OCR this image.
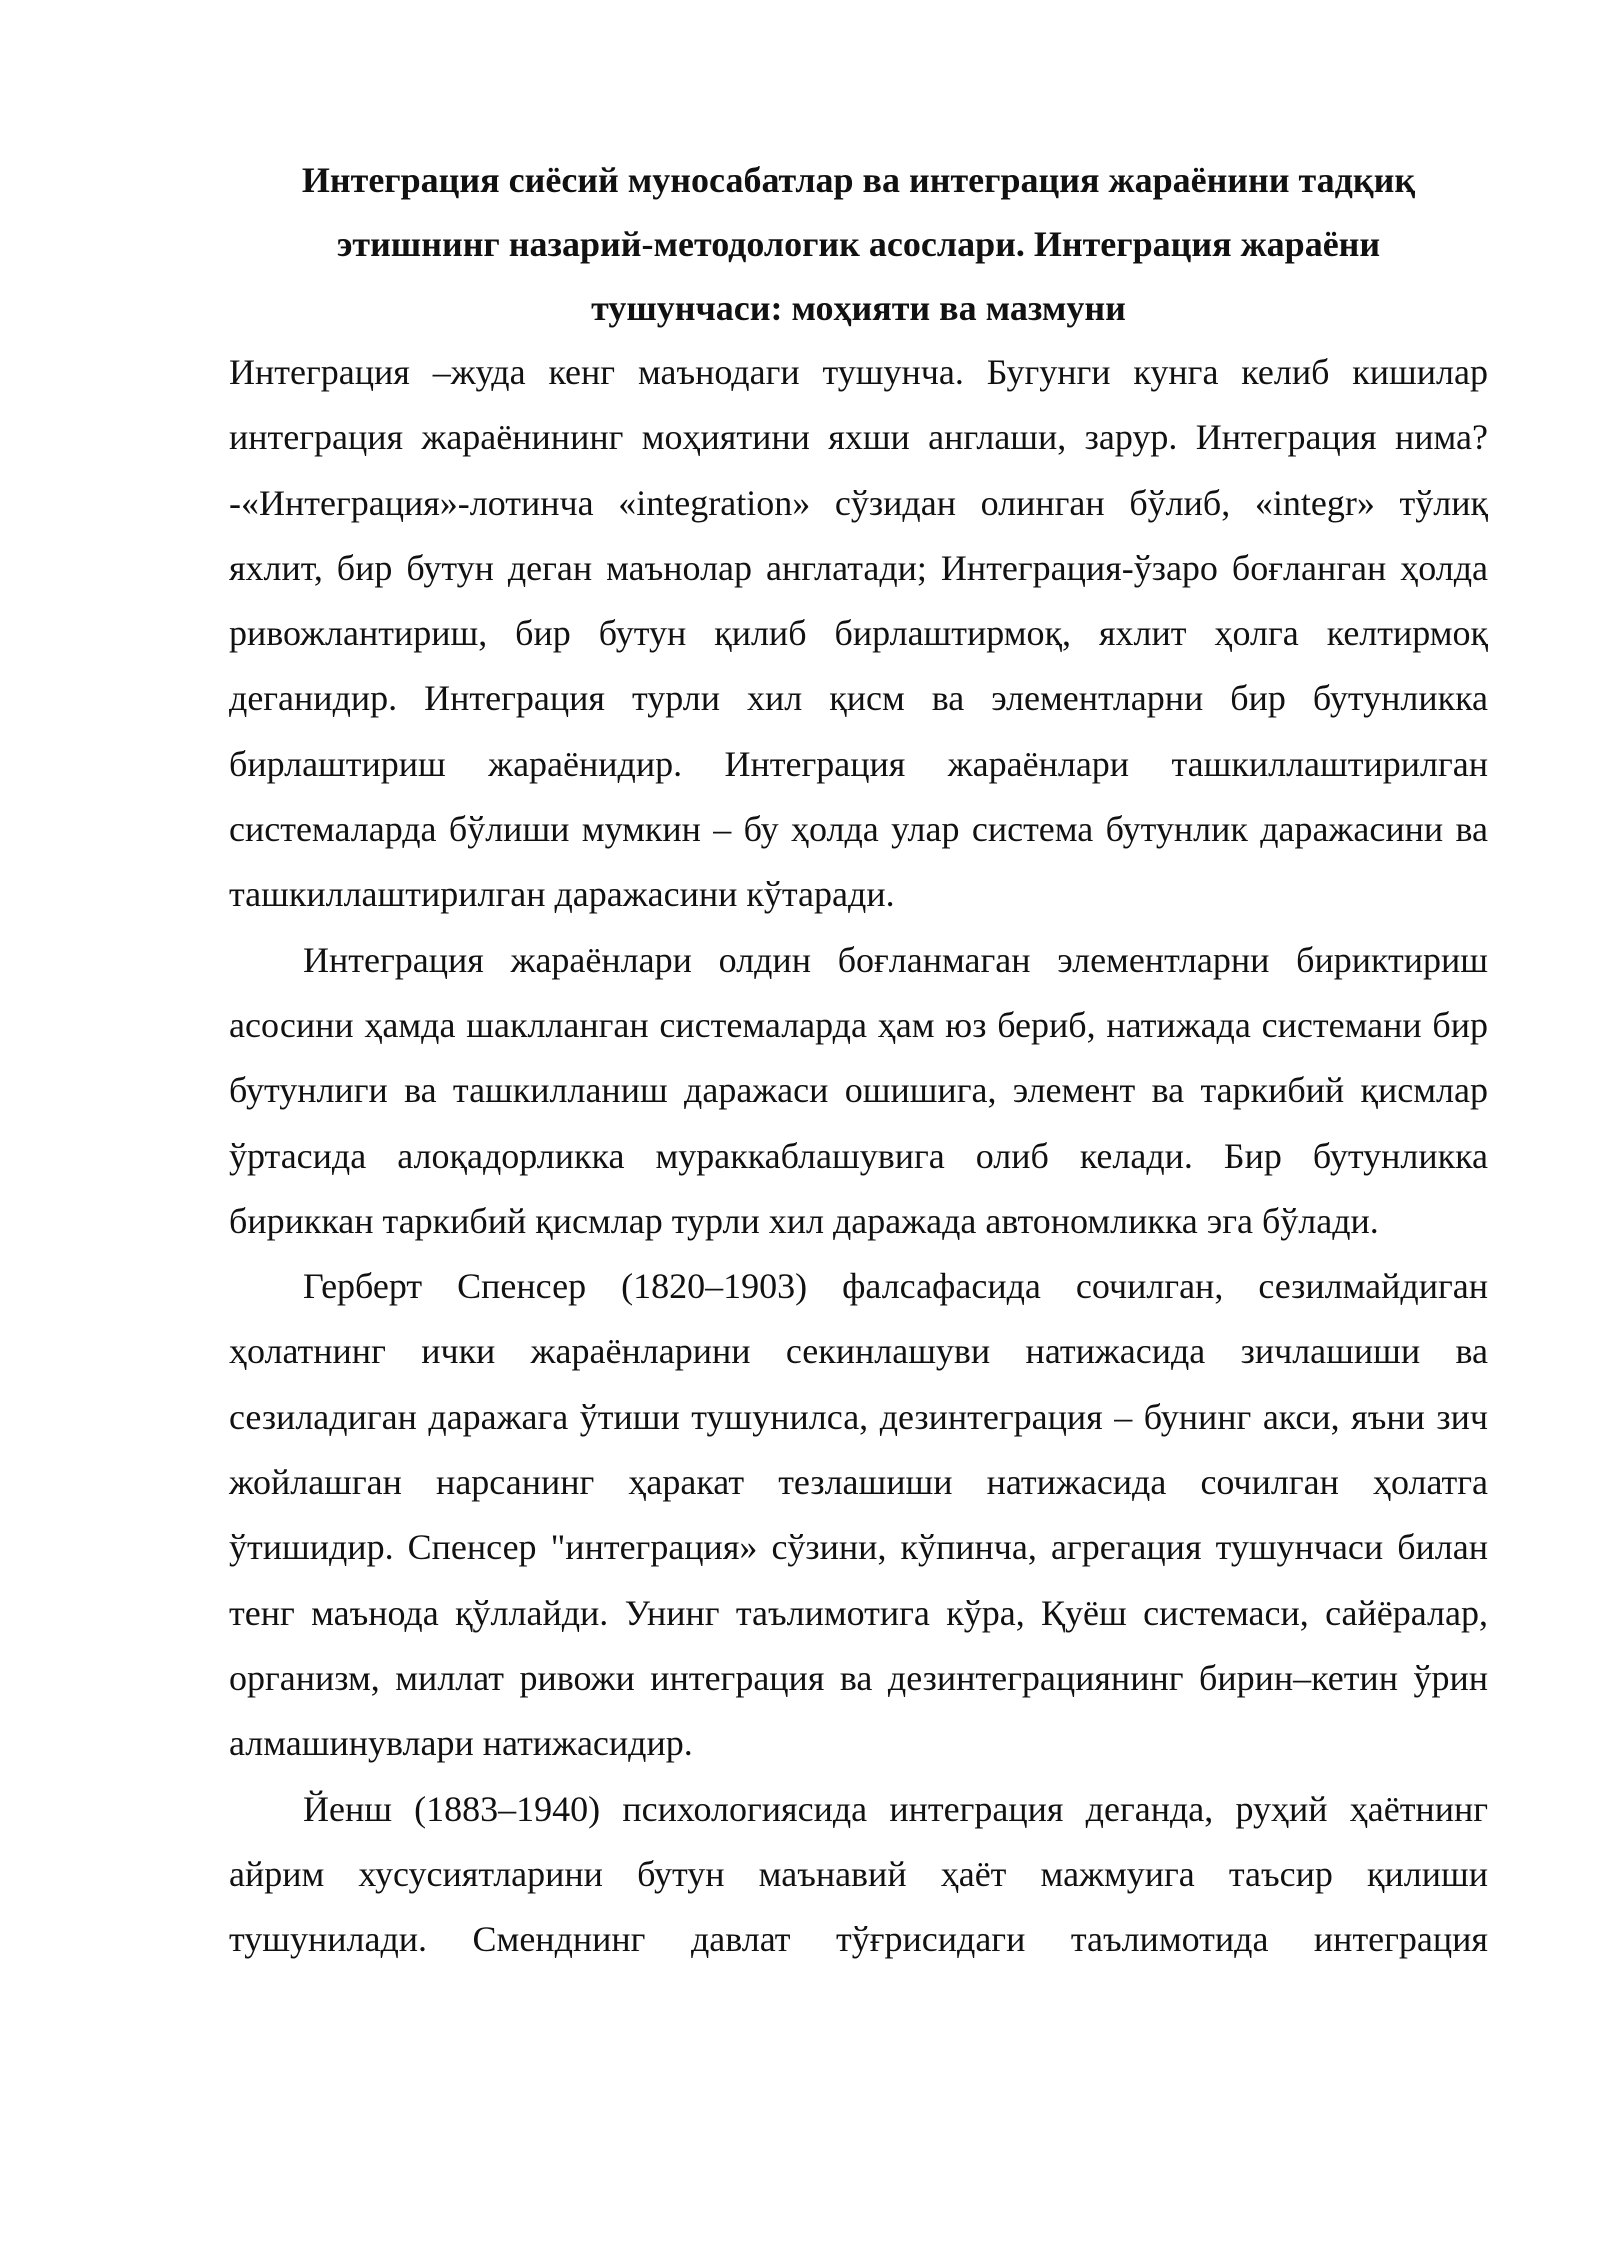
Интеграция сиёсий муносабатлар ва интеграция жараёнини тадқиқ этишнинг назарий-методологик асослари. Интеграция жараёни тушунчаси: моҳияти ва мазмуни

Интеграция –жуда кенг маънодаги тушунча. Бугунги кунга келиб кишилар интеграция жараёнининг моҳиятини яхши англаши, зарур. Интеграция нима?-«Интеграция»-лотинча «integration» сўзидан олинган бўлиб, «integr» тўлиқ яхлит, бир бутун деган маънолар англатади; Интеграция-ўзаро боғланган ҳолда ривожлантириш, бир бутун қилиб бирлаштирмоқ, яхлит ҳолга келтирмоқ деганидир. Интеграция турли хил қисм ва элементларни бир бутунликка бирлаштириш жараёнидир. Интеграция жараёнлари ташкиллаштирилган системаларда бўлиши мумкин – бу ҳолда улар система бутунлик даражасини ва ташкиллаштирилган даражасини кўтаради.

Интеграция жараёнлари олдин боғланмаган элементларни бириктириш асосини ҳамда шаклланган системаларда ҳам юз бериб, натижада системани бир бутунлиги ва ташкилланиш даражаси ошишига, элемент ва таркибий қисмлар ўртасида алоқадорликка мураккаблашувига олиб келади. Бир бутунликка бириккан таркибий қисмлар турли хил даражада автономликка эга бўлади.

Герберт Спенсер (1820–1903) фалсафасида сочилган, сезилмайдиган ҳолатнинг ички жараёнларини секинлашуви натижасида зичлашиши ва сезиладиган даражага ўтиши тушунилса, дезинтеграция – бунинг акси, яъни зич жойлашган нарсанинг ҳаракат тезлашиши натижасида сочилган ҳолатга ўтишидир. Спенсер "интеграция» сўзини, кўпинча, агрегация тушунчаси билан тенг маънода қўллайди. Унинг таълимотига кўра, Қуёш системаси, сайёралар, организм, миллат ривожи интеграция ва дезинтеграциянинг бирин–кетин ўрин алмашинувлари натижасидир.

Йенш (1883–1940) психологиясида интеграция деганда, руҳий ҳаётнинг айрим хусусиятларини бутун маънавий ҳаёт мажмуига таъсир қилиши тушунилади. Сменднинг давлат тўғрисидаги таълимотида интеграция
